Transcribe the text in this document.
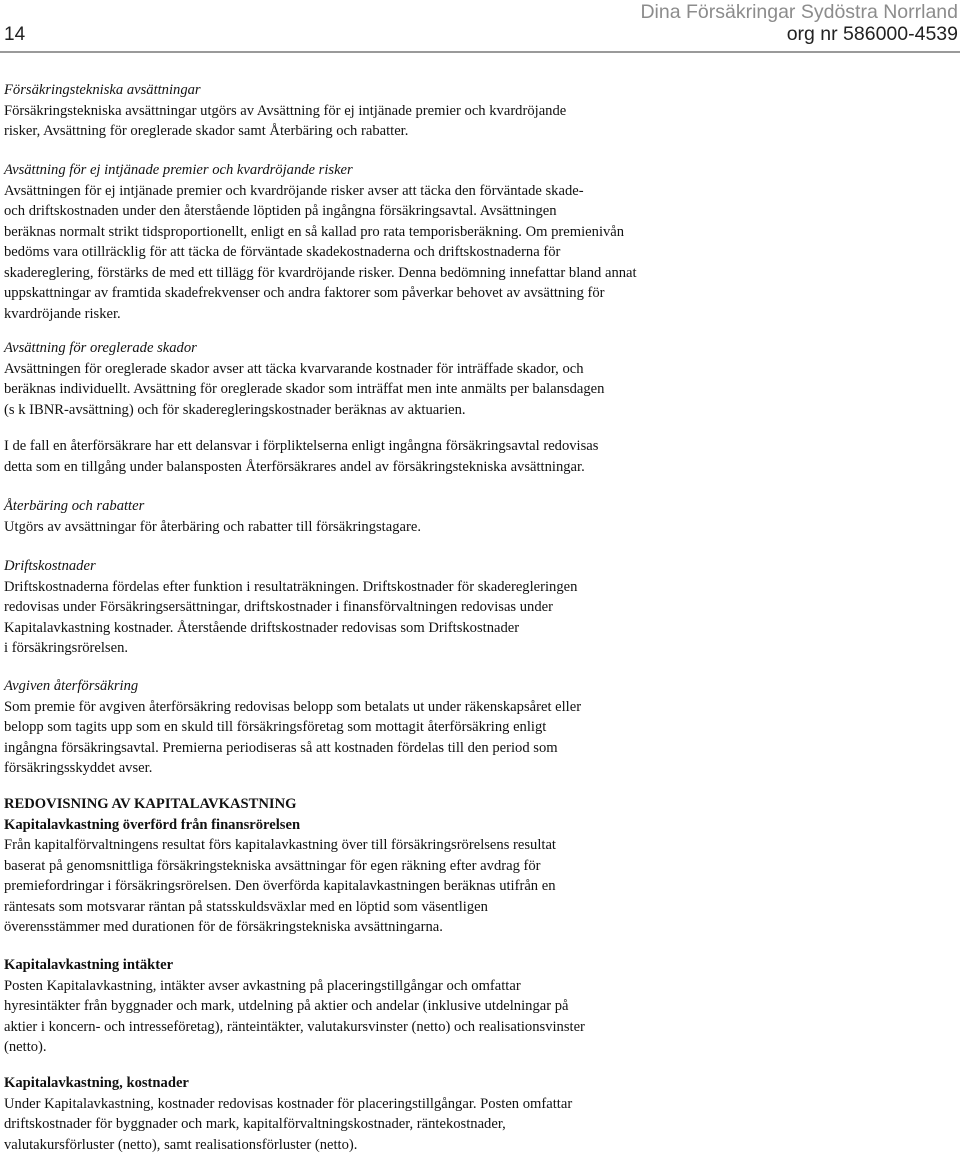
14
Dina Försäkringar Sydöstra Norrland
org nr 586000-4539
Försäkringstekniska avsättningar
Försäkringstekniska avsättningar utgörs av Avsättning för ej intjänade premier och kvardröjande
risker, Avsättning för oreglerade skador samt Återbäring och rabatter.
Avsättning för ej intjänade premier och kvardröjande risker
Avsättningen för ej intjänade premier och kvardröjande risker avser att täcka den förväntade skade-
och driftskostnaden under den återstående löptiden på ingångna försäkringsavtal. Avsättningen
beräknas normalt strikt tidsproportionellt, enligt en så kallad pro rata temporisberäkning. Om premienivån
bedöms vara otillräcklig för att täcka de förväntade skadekostnaderna och driftskostnaderna för
skadereglering, förstärks de med ett tillägg för kvardröjande risker. Denna bedömning innefattar bland annat
uppskattningar av framtida skadefrekvenser och andra faktorer som påverkar behovet av avsättning för
kvardröjande risker.
Avsättning för oreglerade skador
Avsättningen för oreglerade skador avser att täcka kvarvarande kostnader för inträffade skador, och
beräknas individuellt. Avsättning för oreglerade skador som inträffat men inte anmälts per balansdagen
(s k IBNR-avsättning) och för skaderegleringskostnader beräknas av aktuarien.
I de fall en återförsäkrare har ett delansvar i förpliktelserna enligt ingångna försäkringsavtal redovisas
detta som en tillgång under balansposten Återförsäkrares andel av försäkringstekniska avsättningar.
Återbäring och rabatter
Utgörs av avsättningar för återbäring och rabatter till försäkringstagare.
Driftskostnader
Driftskostnaderna fördelas efter funktion i resultaträkningen. Driftskostnader för skaderegleringen
redovisas under Försäkringsersättningar, driftskostnader i finansförvaltningen redovisas under
Kapitalavkastning kostnader. Återstående driftskostnader redovisas som Driftskostnader
i försäkringsrörelsen.
Avgiven återförsäkring
Som premie för avgiven återförsäkring redovisas belopp som betalats ut under räkenskapsåret eller
belopp som tagits upp som en skuld till försäkringsföretag som mottagit återförsäkring enligt
ingångna försäkringsavtal. Premierna periodiseras så att kostnaden fördelas till den period som
försäkringsskyddet avser.
REDOVISNING AV KAPITALAVKASTNING
Kapitalavkastning överförd från finansrörelsen
Från kapitalförvaltningens resultat förs kapitalavkastning över till försäkringsrörelsens resultat
baserat på genomsnittliga försäkringstekniska avsättningar för egen räkning efter avdrag för
premiefordringar i försäkringsrörelsen. Den överförda kapitalavkastningen beräknas utifrån en
räntesats som motsvarar räntan på statsskuldsväxlar med en löptid som väsentligen
överensstämmer med durationen för de försäkringstekniska avsättningarna.
Kapitalavkastning intäkter
Posten Kapitalavkastning, intäkter avser avkastning på placeringstillgångar och omfattar
hyresintäkter från byggnader och mark, utdelning på aktier och andelar (inklusive utdelningar på
aktier i koncern- och intresseföretag), ränteintäkter, valutakursvinster (netto) och realisationsvinster
(netto).
Kapitalavkastning, kostnader
Under Kapitalavkastning, kostnader redovisas kostnader för placeringstillgångar. Posten omfattar
driftskostnader för byggnader och mark, kapitalförvaltningskostnader, räntekostnader,
valutakursförluster (netto), samt realisationsförluster (netto).
